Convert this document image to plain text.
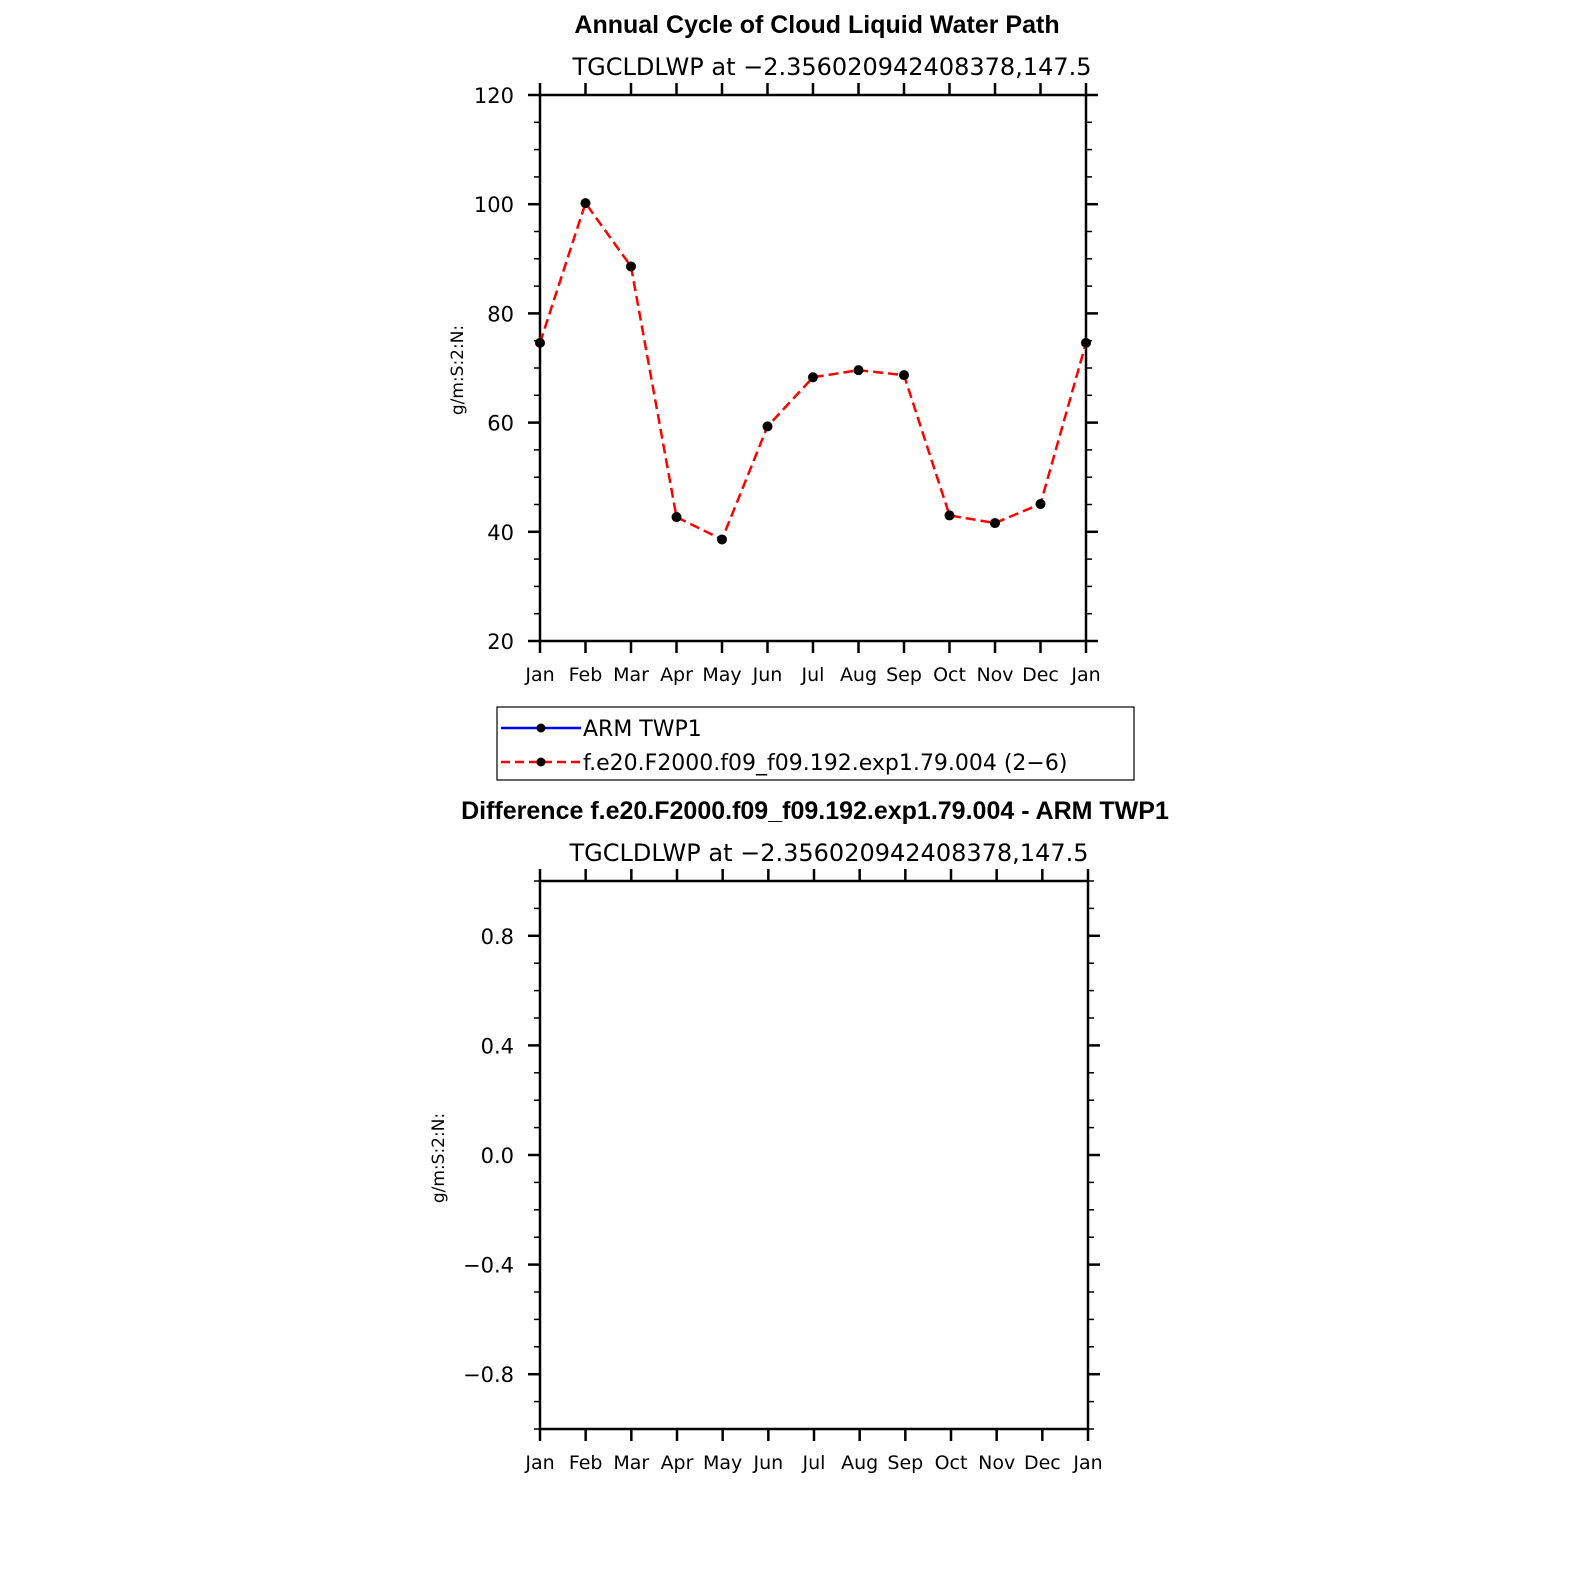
Annual Cycle of Cloud Liquid Water Path
TGCLDLWP at −2.356020942408378,147.5
g/m:S:2:N:
20
40
60
80
100
120
Jan Feb Mar Apr May Jun Jul Aug Sep Oct Nov Dec Jan
ARM TWP1
f.e20.F2000.f09_f09.192.exp1.79.004 (2−6)
Difference f.e20.F2000.f09_f09.192.exp1.79.004 - ARM TWP1
TGCLDLWP at −2.356020942408378,147.5
g/m:S:2:N:
−0.8
−0.4
0.0
0.4
0.8
Jan Feb Mar Apr May Jun Jul Aug Sep Oct Nov Dec Jan
